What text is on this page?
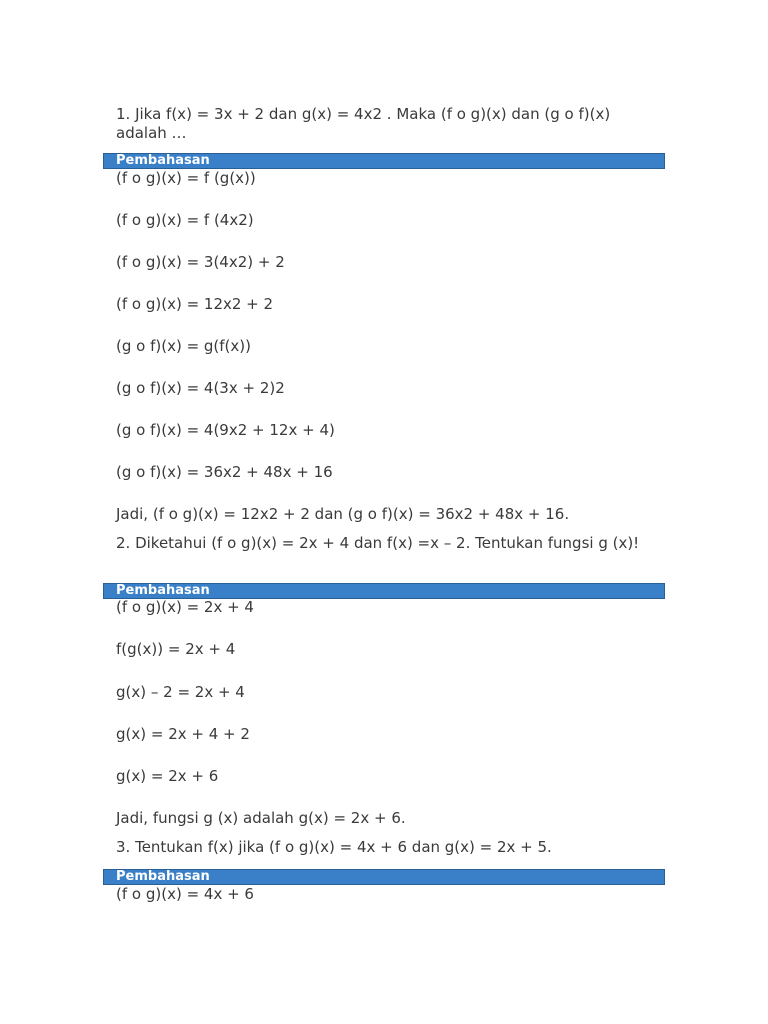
1. Jika f(x) = 3x + 2 dan g(x) = 4x2 . Maka (f o g)(x) dan (g o f)(x) adalah …
Pembahasan
(f o g)(x) = f (g(x))
(f o g)(x) = f (4x2)
(f o g)(x) = 3(4x2) + 2
(f o g)(x) = 12x2 + 2
(g o f)(x) = g(f(x))
(g o f)(x) = 4(3x + 2)2
(g o f)(x) = 4(9x2 + 12x + 4)
(g o f)(x) = 36x2 + 48x + 16
Jadi, (f o g)(x) = 12x2 + 2 dan (g o f)(x) = 36x2 + 48x + 16.
2. Diketahui (f o g)(x) = 2x + 4 dan f(x) =x – 2. Tentukan fungsi g (x)!
Pembahasan
(f o g)(x) = 2x + 4
f(g(x)) = 2x + 4
g(x) – 2 = 2x + 4
g(x) = 2x + 4 + 2
g(x) = 2x + 6
Jadi, fungsi g (x) adalah g(x) = 2x + 6.
3. Tentukan f(x) jika (f o g)(x) = 4x + 6 dan g(x) = 2x + 5.
Pembahasan
(f o g)(x) = 4x + 6
